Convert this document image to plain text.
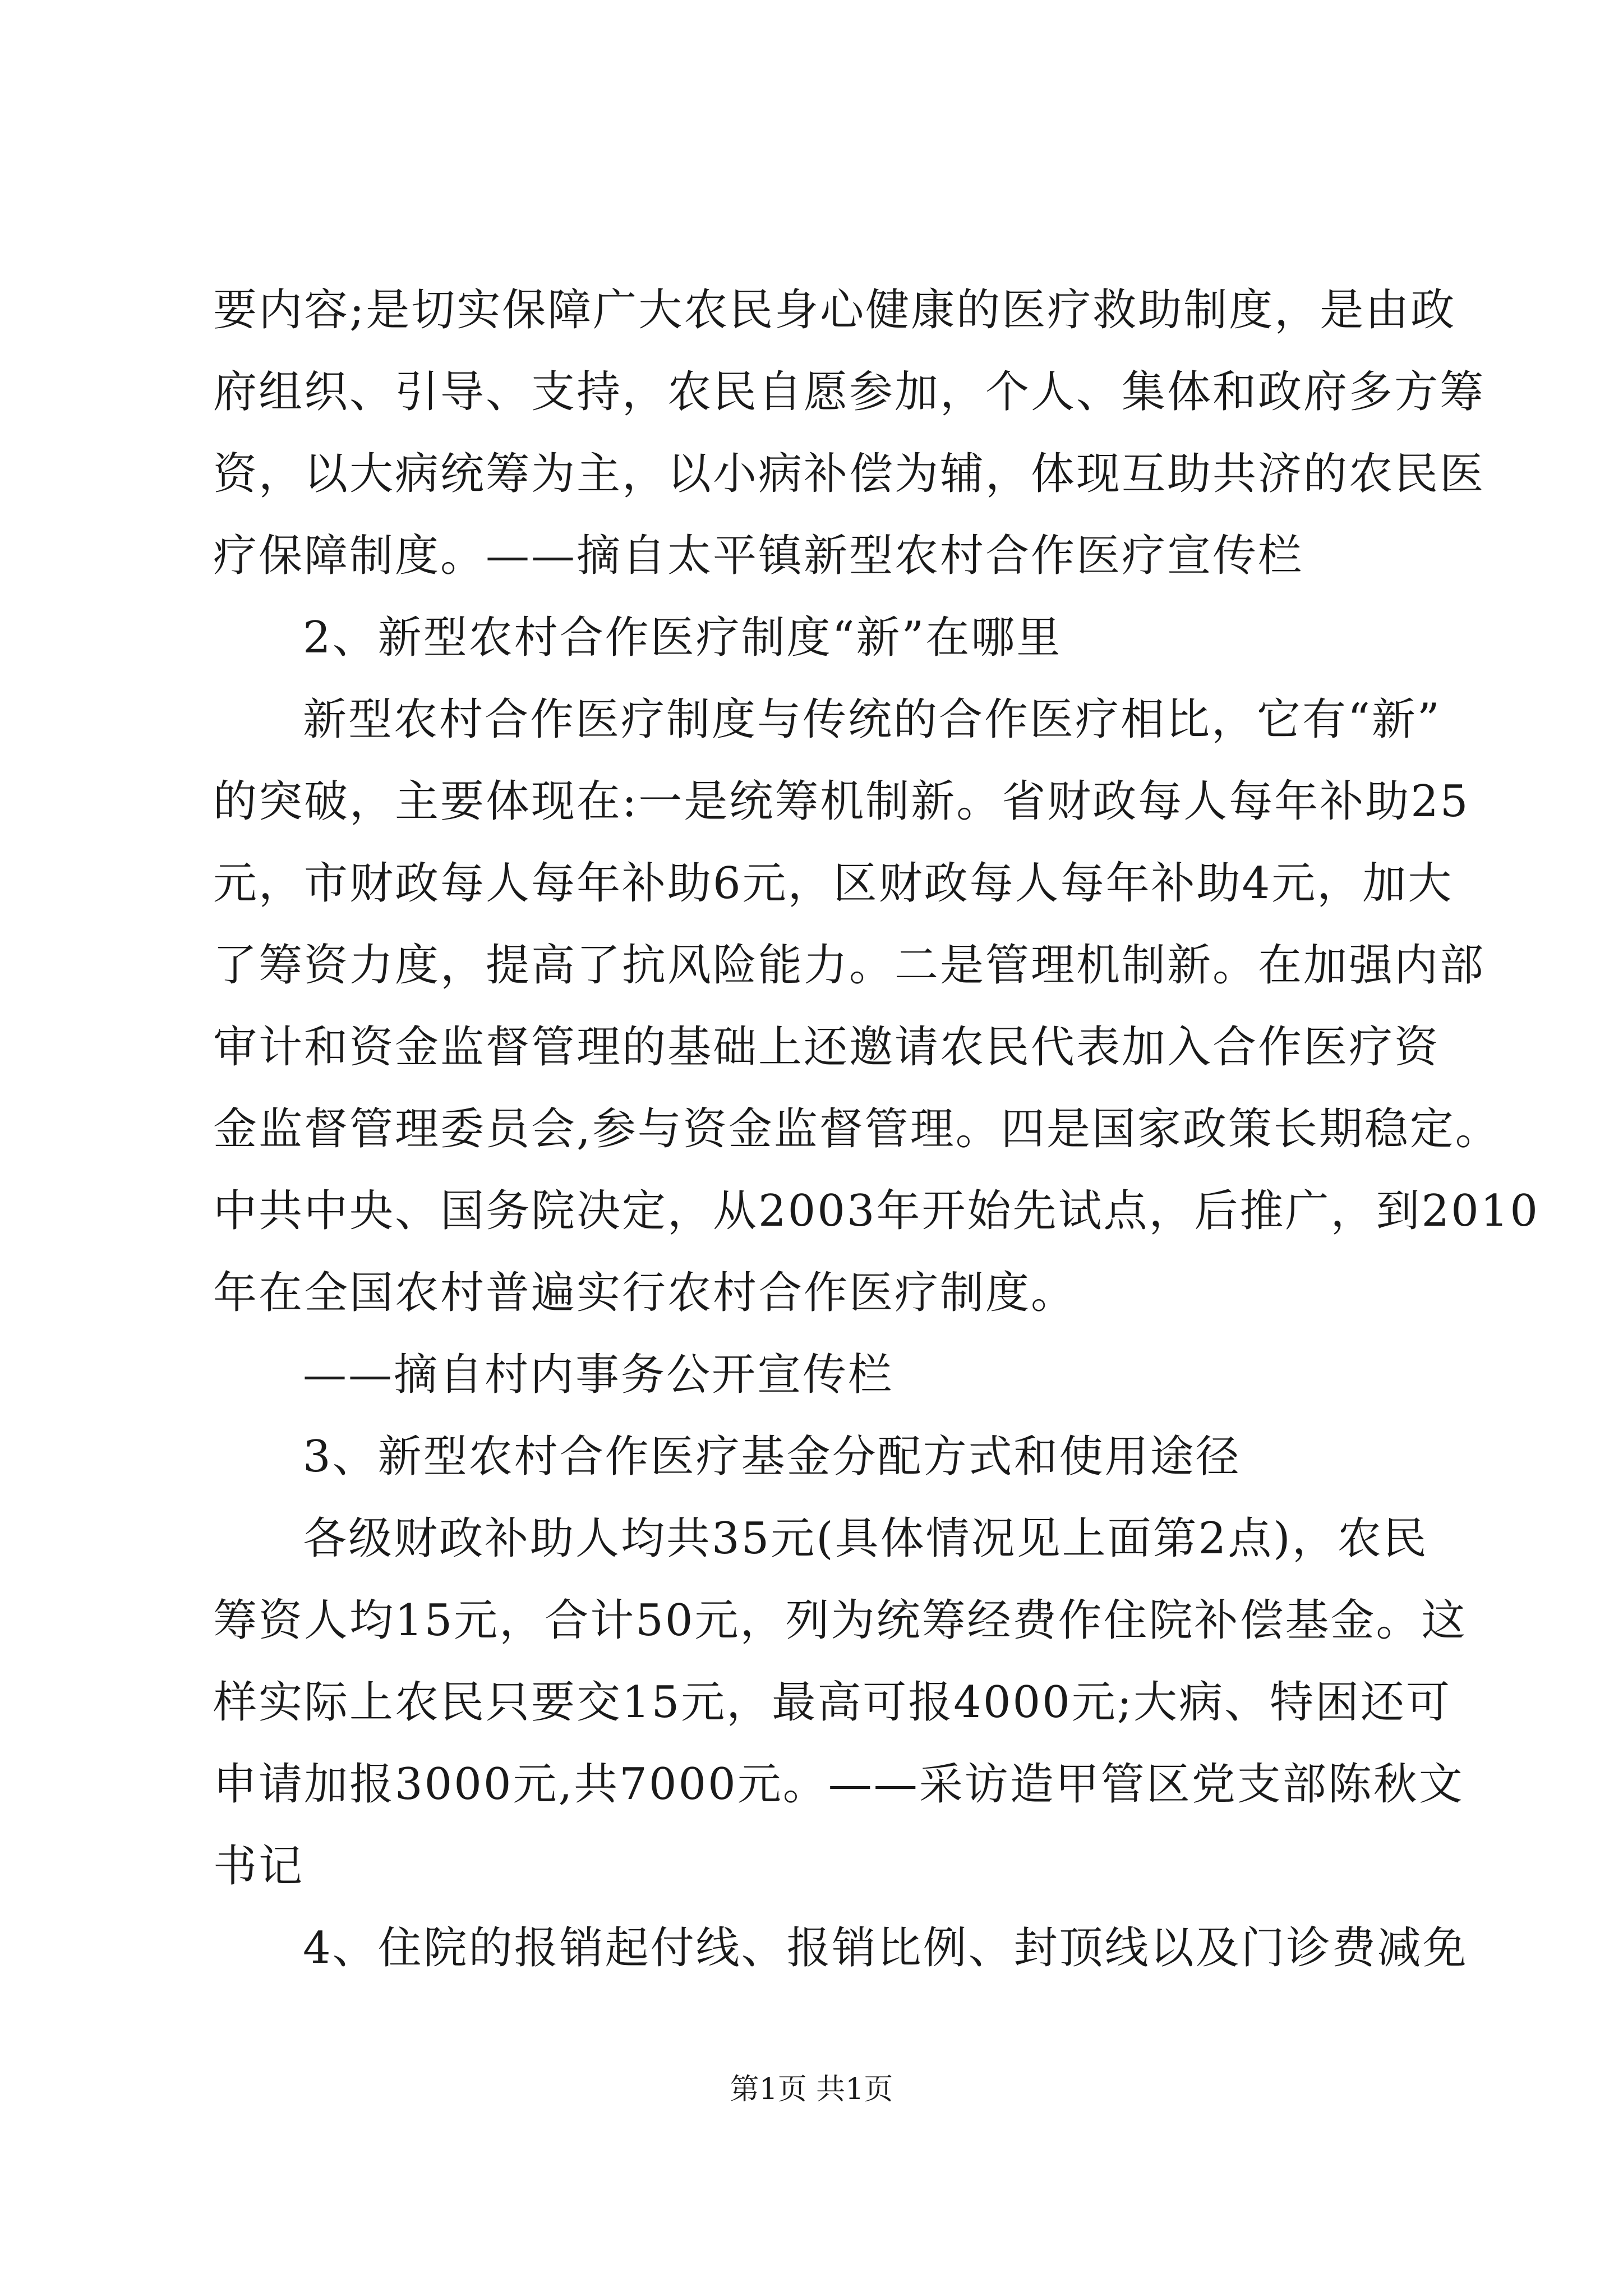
要内容;是切实保障广大农民身心健康的医疗救助制度，是由政
府组织、引导、支持，农民自愿参加，个人、集体和政府多方筹
资，以大病统筹为主，以小病补偿为辅，体现互助共济的农民医
疗保障制度。——摘自太平镇新型农村合作医疗宣传栏
2、新型农村合作医疗制度“新”在哪里
新型农村合作医疗制度与传统的合作医疗相比，它有“新”
的突破，主要体现在:一是统筹机制新。省财政每人每年补助25
元，市财政每人每年补助6元，区财政每人每年补助4元，加大
了筹资力度，提高了抗风险能力。二是管理机制新。在加强内部
审计和资金监督管理的基础上还邀请农民代表加入合作医疗资
金监督管理委员会,参与资金监督管理。四是国家政策长期稳定。
中共中央、国务院决定，从2003年开始先试点，后推广，到2010
年在全国农村普遍实行农村合作医疗制度。
——摘自村内事务公开宣传栏
3、新型农村合作医疗基金分配方式和使用途径
各级财政补助人均共35元(具体情况见上面第2点)，农民
筹资人均15元，合计50元，列为统筹经费作住院补偿基金。这
样实际上农民只要交15元，最高可报4000元;大病、特困还可
申请加报3000元,共7000元。——采访造甲管区党支部陈秋文
书记
4、住院的报销起付线、报销比例、封顶线以及门诊费减免
第1页 共1页
